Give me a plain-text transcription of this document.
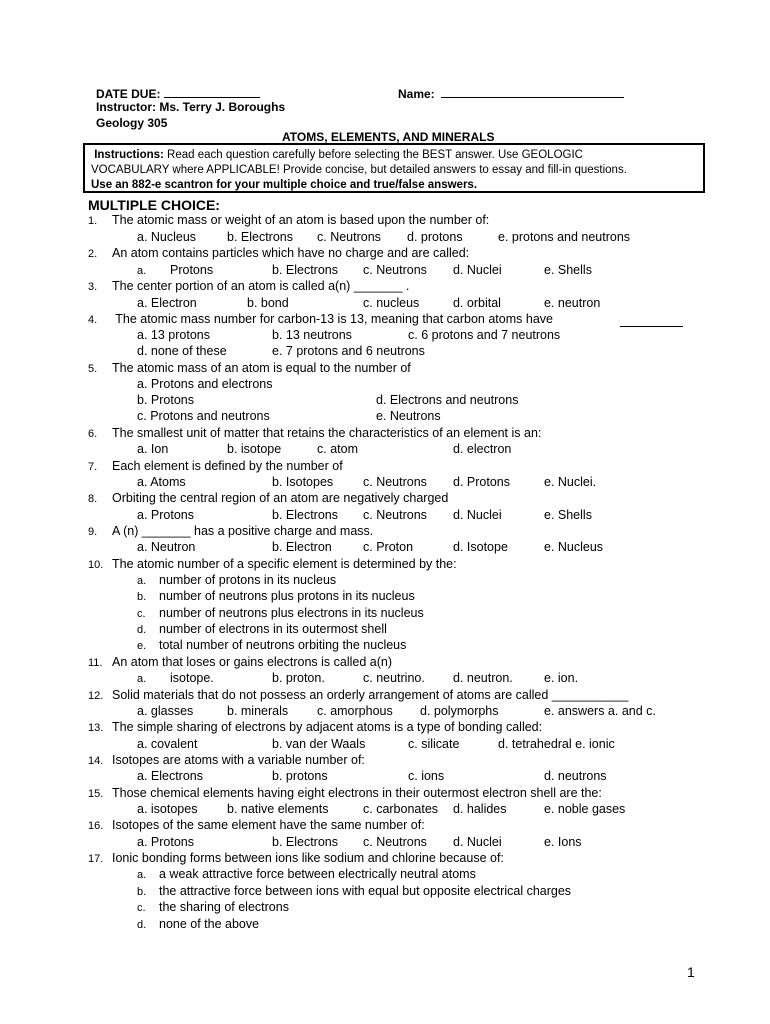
DATE DUE:	Name:
Instructor: Ms. Terry J. Boroughs
Geology 305
ATOMS, ELEMENTS, AND MINERALS
Instructions: Read each question carefully before selecting the BEST answer. Use GEOLOGIC
VOCABULARY where APPLICABLE! Provide concise, but detailed answers to essay and fill-in questions.
Use an 882-e scantron for your multiple choice and true/false answers.
MULTIPLE CHOICE:
1. The atomic mass or weight of an atom is based upon the number of:
a. Nucleus b. Electrons c. Neutrons d. protons	e. protons and neutrons
2. An atom contains particles which have no charge and are called:
a. Protons	b. Electrons c. Neutrons d. Nuclei	e. Shells
3. The center portion of an atom is called a(n) _______ .
a. Electron	b. bond	c. nucleus	d. orbital	e. neutron
4. The atomic mass number for carbon-13 is 13, meaning that carbon atoms have
a. 13 protons	b. 13 neutrons	c. 6 protons and 7 neutrons
d. none of these	e. 7 protons and 6 neutrons
5. The atomic mass of an atom is equal to the number of
a. Protons and electrons
b. Protons	d. Electrons and neutrons
c. Protons and neutrons	e. Neutrons
6. The smallest unit of matter that retains the characteristics of an element is an:
a. Ion	b. isotope	c. atom	d. electron
7. Each element is defined by the number of
a. Atoms	b. Isotopes c. Neutrons d. Protons	e. Nuclei.
8. Orbiting the central region of an atom are negatively charged
a. Protons	b. Electrons c. Neutrons d. Nuclei	e. Shells
9. A (n) _______ has a positive charge and mass.
a. Neutron	b. Electron c. Proton	d. Isotope	e. Nucleus
10. The atomic number of a specific element is determined by the:
a. number of protons in its nucleus
b. number of neutrons plus protons in its nucleus
c. number of neutrons plus electrons in its nucleus
d. number of electrons in its outermost shell
e. total number of neutrons orbiting the nucleus
11. An atom that loses or gains electrons is called a(n)
a. isotope.	b. proton.	c. neutrino. d. neutron. e. ion.
12. Solid materials that do not possess an orderly arrangement of atoms are called ___________
a. glasses	b. minerals c. amorphous d. polymorphs	e. answers a. and c.
13. The simple sharing of electrons by adjacent atoms is a type of bonding called:
a. covalent	b. van der Waals	c. silicate	d. tetrahedral e. ionic
14. Isotopes are atoms with a variable number of:
a. Electrons	b. protons	c. ions	d. neutrons
15. Those chemical elements having eight electrons in their outermost electron shell are the:
a. isotopes b. native elements	c. carbonates d. halides	e. noble gases
16. Isotopes of the same element have the same number of:
a. Protons	b. Electrons c. Neutrons d. Nuclei	e. Ions
17. Ionic bonding forms between ions like sodium and chlorine because of:
a. a weak attractive force between electrically neutral atoms
b. the attractive force between ions with equal but opposite electrical charges
c. the sharing of electrons
d. none of the above
1
